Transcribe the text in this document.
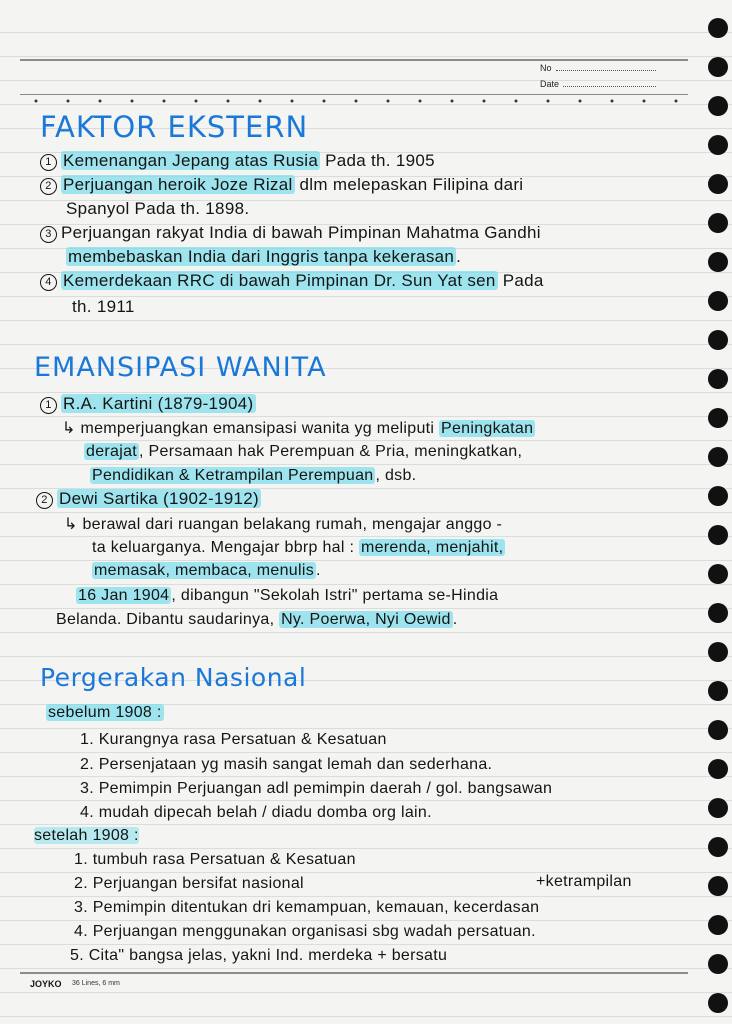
No
Date
FAKTOR EKSTERN
1 Kemenangan Jepang atas Rusia Pada th. 1905
2 Perjuangan heroik Joze Rizal dlm melepaskan Filipina dari
Spanyol Pada th. 1898.
3 Perjuangan rakyat India di bawah Pimpinan Mahatma Gandhi
membebaskan India dari Inggris tanpa kekerasan .
4 Kemerdekaan RRC di bawah Pimpinan Dr. Sun Yat sen Pada
th. 1911
EMANSIPASI WANITA
1 R.A. Kartini (1879-1904)
↳ memperjuangkan emansipasi wanita yg meliputi Peningkatan
derajat , Persamaan hak Perempuan & Pria, meningkatkan,
Pendidikan & Ketrampilan Perempuan , dsb.
2 Dewi Sartika (1902-1912)
↳ berawal dari ruangan belakang rumah, mengajar anggo -
ta keluarganya. Mengajar bbrp hal : merenda, menjahit,
memasak, membaca, menulis .
16 Jan 1904 , dibangun "Sekolah Istri" pertama se-Hindia
Belanda. Dibantu saudarinya, Ny. Poerwa, Nyi Oewid .
Pergerakan Nasional
sebelum 1908 :
1. Kurangnya rasa Persatuan & Kesatuan
2. Persenjataan yg masih sangat lemah dan sederhana.
3. Pemimpin Perjuangan adl pemimpin daerah / gol. bangsawan
4. mudah dipecah belah / diadu domba org lain.
setelah 1908 :
1. tumbuh rasa Persatuan & Kesatuan
2. Perjuangan bersifat nasional	+ketrampilan
3. Pemimpin ditentukan dri kemampuan, kemauan, kecerdasan
4. Perjuangan menggunakan organisasi sbg wadah persatuan.
5. Cita" bangsa jelas, yakni Ind. merdeka + bersatu
JOYKO 36 Lines, 6 mm
